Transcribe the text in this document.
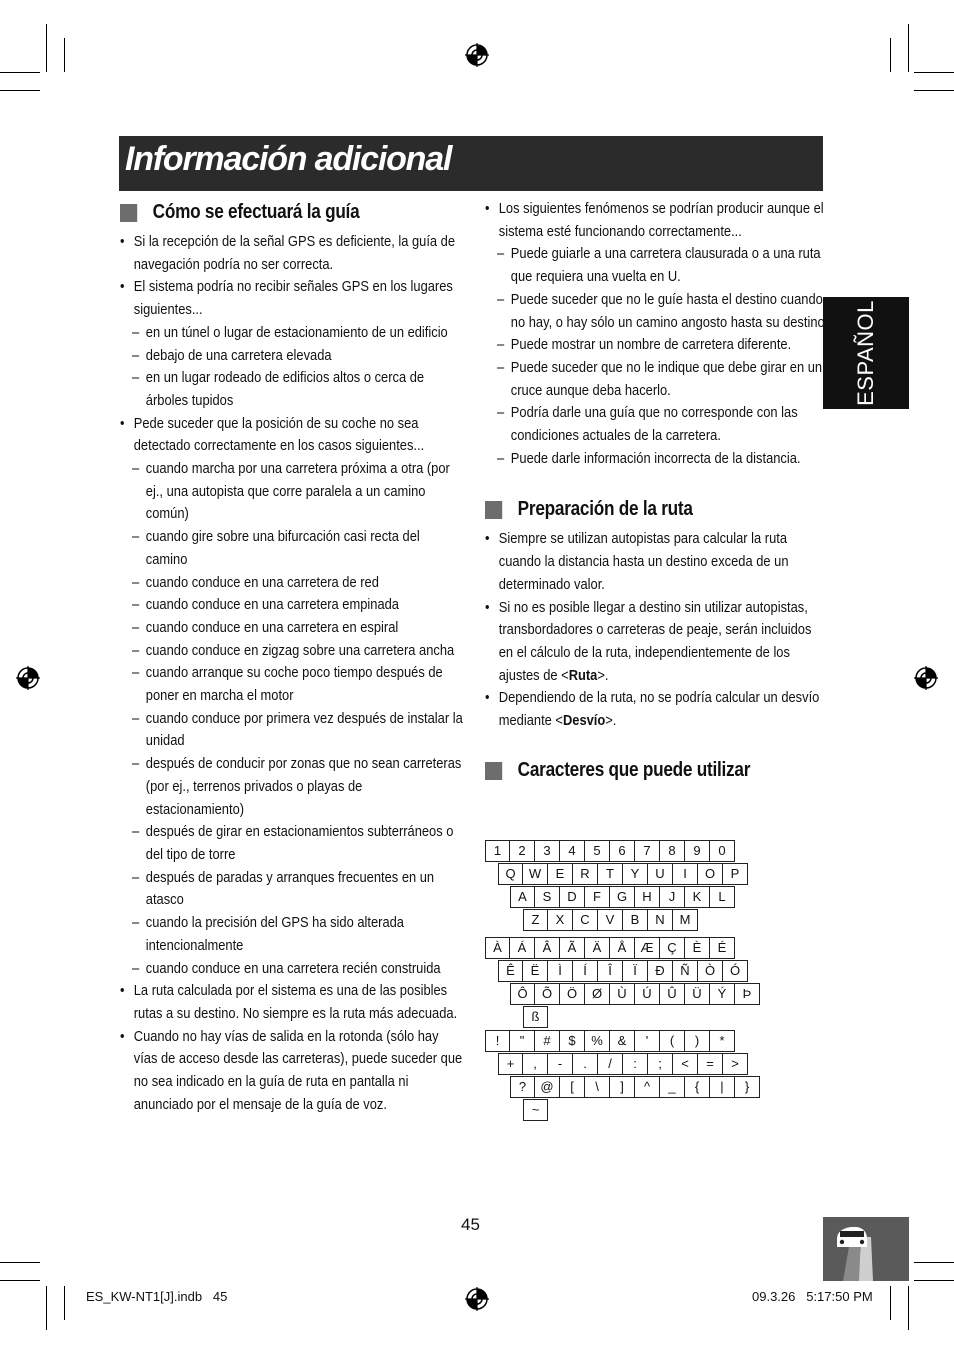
Información adicional
ESPAÑOL
Cómo se efectuará la guía
• Si la recepción de la señal GPS es deficiente, la guía de navegación podría no ser correcta.
• El sistema podría no recibir señales GPS en los lugares siguientes...
– en un túnel o lugar de estacionamiento de un edificio
– debajo de una carretera elevada
– en un lugar rodeado de edificios altos o cerca de árboles tupidos
• Pede suceder que la posición de su coche no sea detectado correctamente en los casos siguientes...
– cuando marcha por una carretera próxima a otra (por ej., una autopista que corre paralela a un camino común)
– cuando gire sobre una bifurcación casi recta del camino
– cuando conduce en una carretera de red
– cuando conduce en una carretera empinada
– cuando conduce en una carretera en espiral
– cuando conduce en zigzag sobre una carretera ancha
– cuando arranque su coche poco tiempo después de poner en marcha el motor
– cuando conduce por primera vez después de instalar la unidad
– después de conducir por zonas que no sean carreteras (por ej., terrenos privados o playas de estacionamiento)
– después de girar en estacionamientos subterráneos o del tipo de torre
– después de paradas y arranques frecuentes en un atasco
– cuando la precisión del GPS ha sido alterada intencionalmente
– cuando conduce en una carretera recién construida
• La ruta calculada por el sistema es una de las posibles rutas a su destino. No siempre es la ruta más adecuada.
• Cuando no hay vías de salida en la rotonda (sólo hay vías de acceso desde las carreteras), puede suceder que no sea indicado en la guía de ruta en pantalla ni anunciado por el mensaje de la guía de voz.
• Los siguientes fenómenos se podrían producir aunque el sistema esté funcionando correctamente...
– Puede guiarle a una carretera clausurada o a una ruta que requiera una vuelta en U.
– Puede suceder que no le guíe hasta el destino cuando no hay, o hay sólo un camino angosto hasta su destino.
– Puede mostrar un nombre de carretera diferente.
– Puede suceder que no le indique que debe girar en un cruce aunque deba hacerlo.
– Podría darle una guía que no corresponde con las condiciones actuales de la carretera.
– Puede darle información incorrecta de la distancia.
Preparación de la ruta
• Siempre se utilizan autopistas para calcular la ruta cuando la distancia hasta un destino exceda de un determinado valor.
• Si no es posible llegar a destino sin utilizar autopistas, transbordadores o carreteras de peaje, serán incluidos en el cálculo de la ruta, independientemente de los ajustes de <Ruta>.
• Dependiendo de la ruta, no se podría calcular un desvío mediante <Desvío>.
Caracteres que puede utilizar
1	2	3	4	5	6	7	8	9	0
Q	W	E	R	T	Y	U	I	O	P
A	S	D	F	G	H	J	K	L
Z	X	C	V	B	N	M
À	Á	Â	Ã	Ä	Å	Æ	Ç	È	É
Ê	Ë	Ì	Í	Î	Ï	Ð	Ñ	Ò	Ó
Ô	Õ	Ö	Ø	Ù	Ú	Û	Ü	Ý	Þ
ß
!	"	#	$	%	&	'	(	)	*
+	,	-	.	/	:	;	<	=	>
?	@	[	\	]	^	_	{	|	}
~
45
ES_KW-NT1[J].indb   45	09.3.26   5:17:50 PM
